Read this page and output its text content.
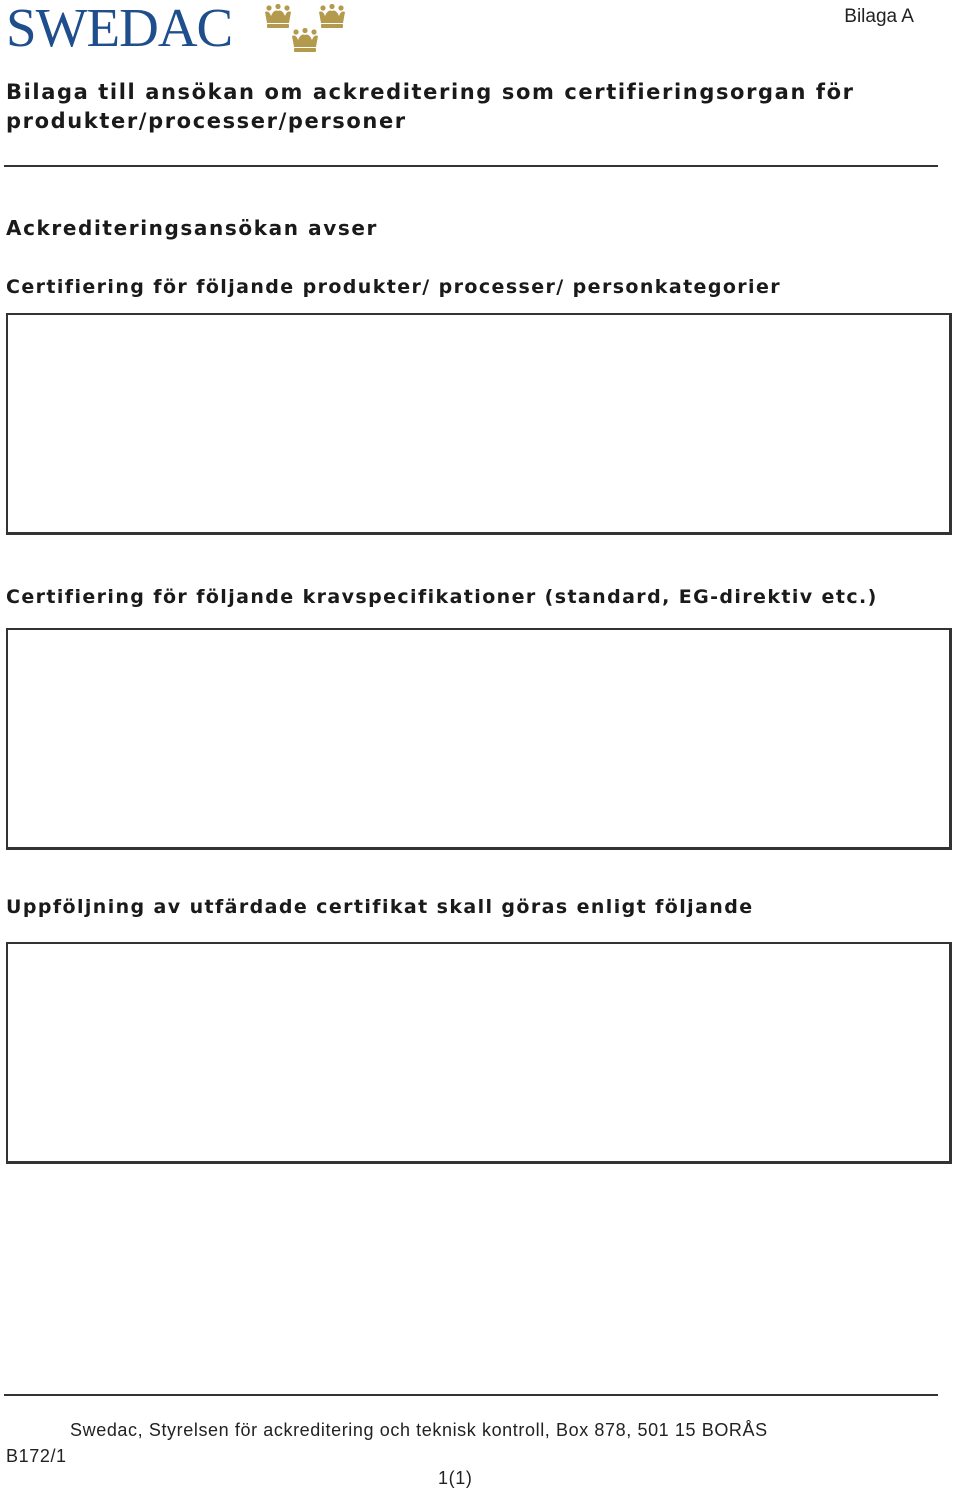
SWEDAC	Bilaga A
Bilaga till ansökan om ackreditering som certifieringsorgan för
produkter/processer/personer
Ackrediteringsansökan avser
Certifiering för följande produkter/ processer/ personkategorier
Certifiering för följande kravspecifikationer (standard, EG-direktiv etc.)
Uppföljning av utfärdade certifikat skall göras enligt följande
Swedac, Styrelsen för ackreditering och teknisk kontroll, Box 878, 501 15 BORÅS
B172/1
1(1)
